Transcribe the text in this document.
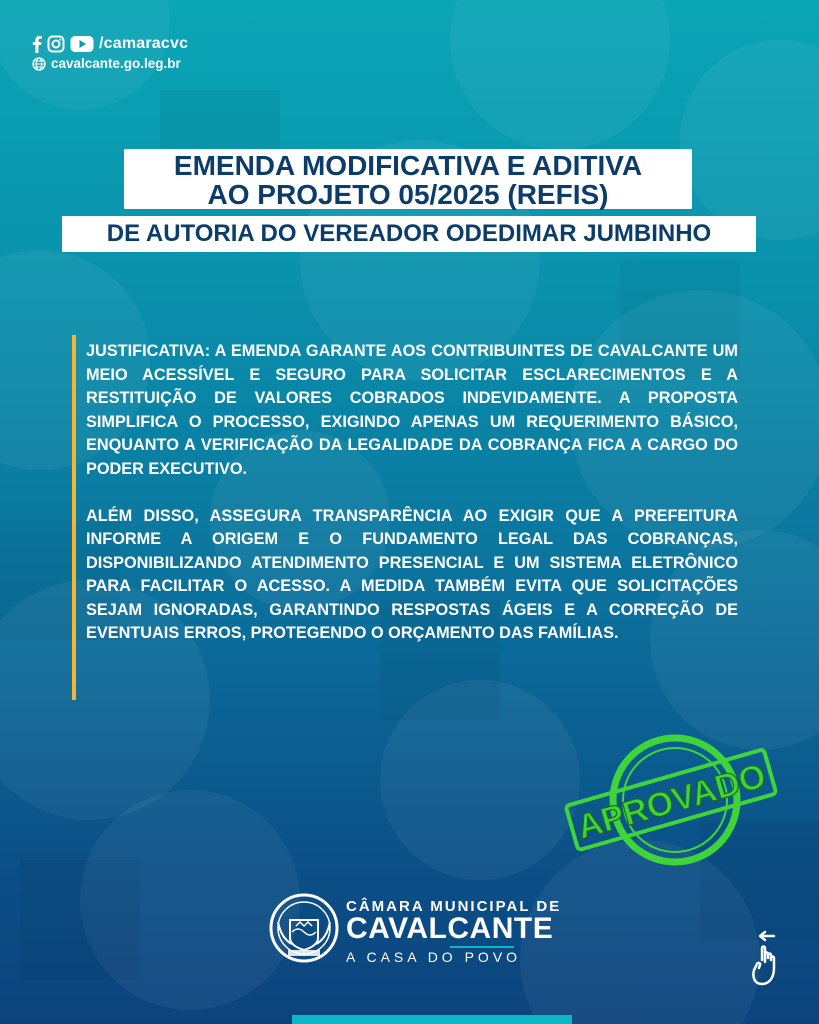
/camaracvc
cavalcante.go.leg.br
EMENDA MODIFICATIVA E ADITIVA
AO PROJETO 05/2025 (REFIS)
DE AUTORIA DO VEREADOR ODEDIMAR JUMBINHO

JUSTIFICATIVA: A EMENDA GARANTE AOS CONTRIBUINTES DE CAVALCANTE UM MEIO ACESSÍVEL E SEGURO PARA SOLICITAR ESCLARECIMENTOS E A RESTITUIÇÃO DE VALORES COBRADOS INDEVIDAMENTE. A PROPOSTA SIMPLIFICA O PROCESSO, EXIGINDO APENAS UM REQUERIMENTO BÁSICO, ENQUANTO A VERIFICAÇÃO DA LEGALIDADE DA COBRANÇA FICA A CARGO DO PODER EXECUTIVO.

ALÉM DISSO, ASSEGURA TRANSPARÊNCIA AO EXIGIR QUE A PREFEITURA INFORME A ORIGEM E O FUNDAMENTO LEGAL DAS COBRANÇAS, DISPONIBILIZANDO ATENDIMENTO PRESENCIAL E UM SISTEMA ELETRÔNICO PARA FACILITAR O ACESSO. A MEDIDA TAMBÉM EVITA QUE SOLICITAÇÕES SEJAM IGNORADAS, GARANTINDO RESPOSTAS ÁGEIS E A CORREÇÃO DE EVENTUAIS ERROS, PROTEGENDO O ORÇAMENTO DAS FAMÍLIAS.

APROVADO
CÂMARA MUNICIPAL DE
CAVALCANTE
A CASA DO POVO
